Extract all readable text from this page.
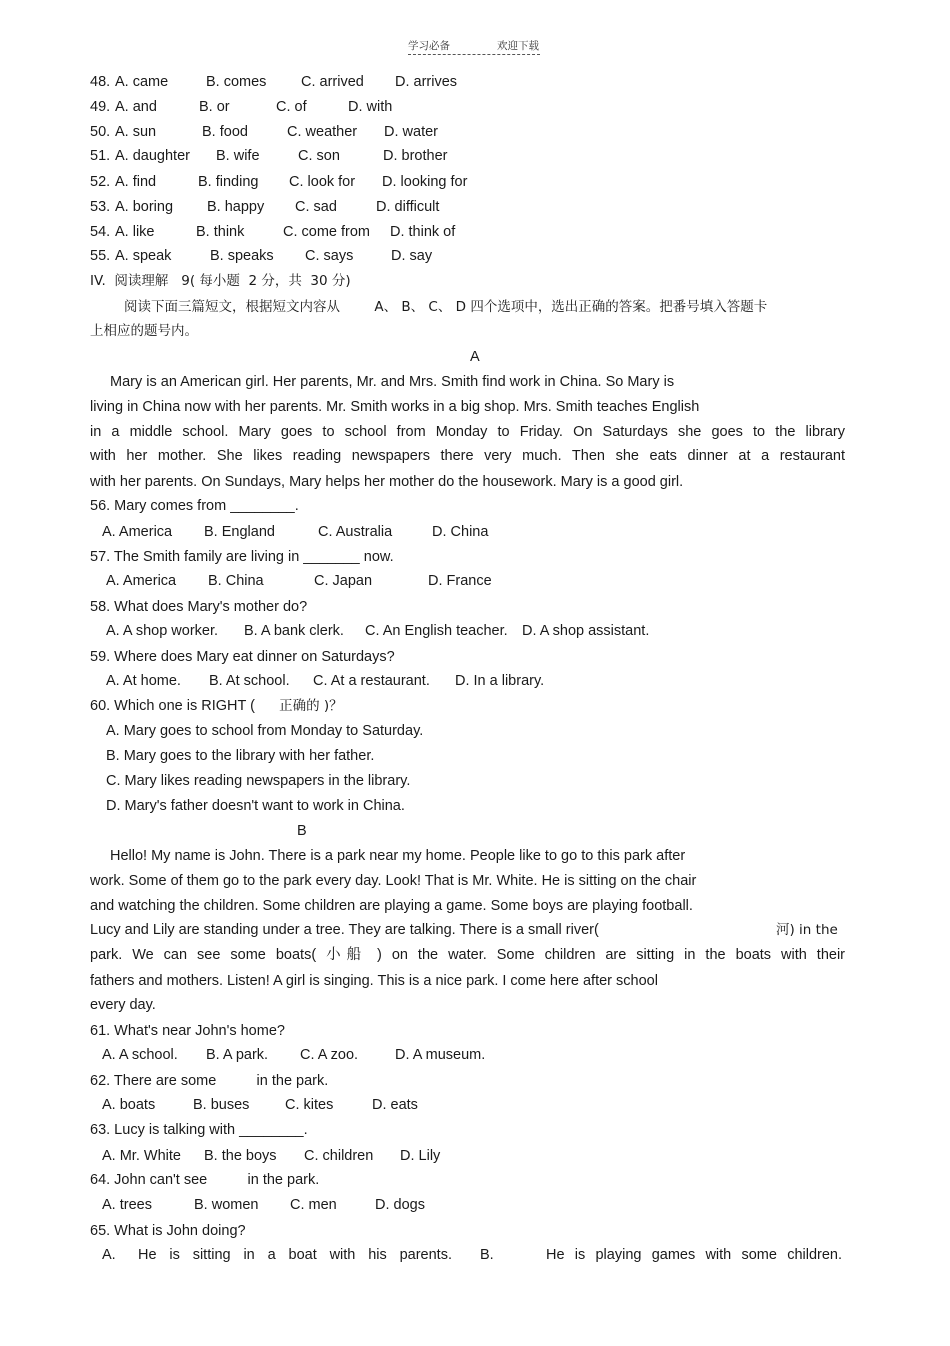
学习必备	欢迎下载
48. A. came	B. comes C. arrived D. arrives
49. A. and	B. or	C. of	D. with
50. A. sun	B. food	C. weather D. water
51. A. daughter B. wife	C. son	D. brother
52. A. find	B. finding C. look for D. looking for
53. A. boring B. happy C. sad	D. difficult
54. A. like	B. think	C. come from D. think of
55. A. speak	B. speaks C. says	D. say
IV.  阅读理解   9( 每小题  2 分，共  30 分)
阅读下面三篇短文，根据短文内容从        A、 B、 C、 D 四个选项中，选出正确的答案。把番号填入答题卡
上相应的题号内。
A
Mary is an American girl. Her parents, Mr. and Mrs. Smith find work in China. So Mary is
living in China now with her parents. Mr. Smith works in a big shop. Mrs. Smith teaches English
in a middle school. Mary goes to school from Monday to Friday. On Saturdays she goes to the library
with her mother. She likes reading newspapers there very much. Then she eats dinner at a restaurant
with her parents. On Sundays, Mary helps her mother do the housework. Mary is a good girl.
56. Mary comes from ________.
A. America B. England	C. Australia	D. China
57. The Smith family are living in _______ now.
A. America B. China	C. Japan	D. France
58. What does Mary's mother do?
A. A shop worker. B. A bank clerk. C. An English teacher. D. A shop assistant.
59. Where does Mary eat dinner on Saturdays?
A. At home. B. At school. C. At a restaurant. D. In a library.
60. Which one is RIGHT ( 正确的 )？
A. Mary goes to school from Monday to Saturday.
B. Mary goes to the library with her father.
C. Mary likes reading newspapers in the library.
D. Mary's father doesn't want to work in China.
B
Hello! My name is John. There is a park near my home. People like to go to this park after
work. Some of them go to the park every day. Look! That is Mr. White. He is sitting on the chair
and watching the children. Some children are playing a game. Some boys are playing football.
Lucy and Lily are standing under a tree. They are talking. There is a small river(	河) in the
park. We can see some boats( 小船 ) on the water. Some children are sitting in the boats with their
fathers and mothers. Listen! A girl is singing. This is a nice park. I come here after school
every day.
61. What's near John's home?
A. A school. B. A park. C. A zoo.	D. A museum.
62. There are some          in the park.
A. boats	B. buses C. kites	D. eats
63. Lucy is talking with ________.
A. Mr. White B. the boys C. children D. Lily
64. John can't see          in the park.
A. trees	B. women C. men	D. dogs
65. What is John doing?
A. He is sitting in a boat with his parents. B.	He is playing games with some children.
